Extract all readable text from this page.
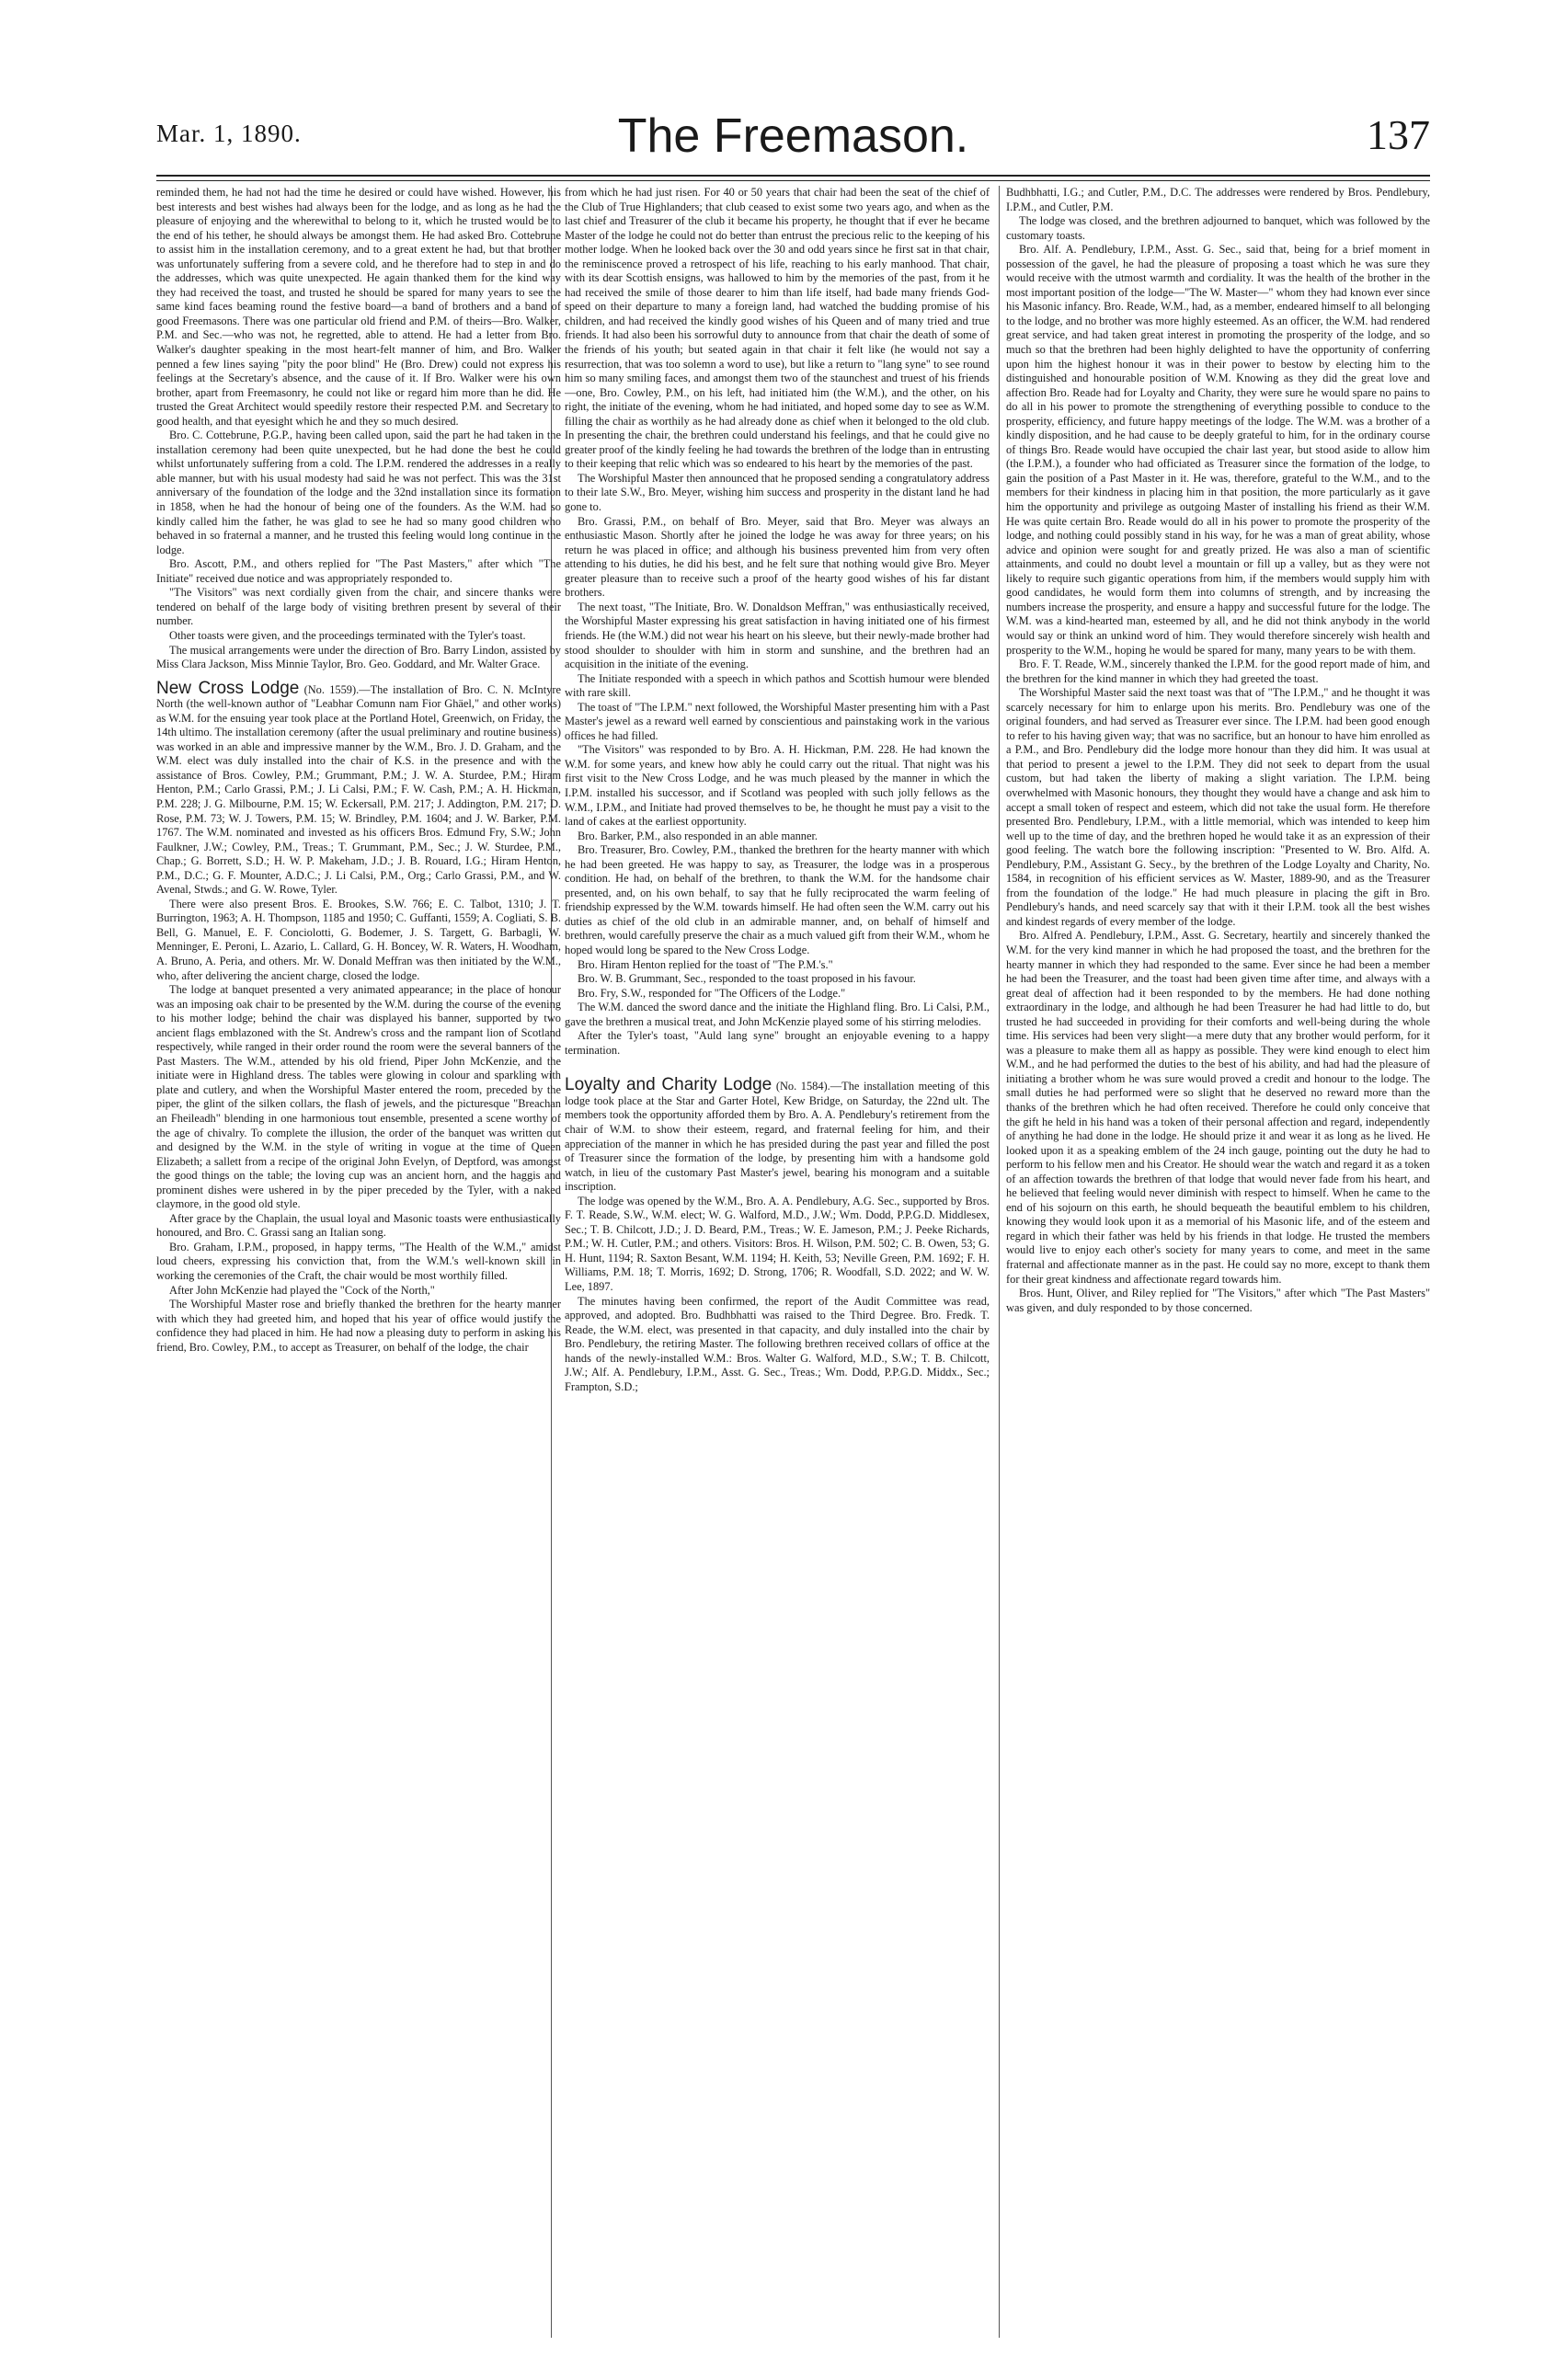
Mar. 1, 1890.	The Freemason.	137

reminded them, he had not had the time he desired or could have wished. However, his best interests and best wishes had always been for the lodge, and as long as he had the pleasure of enjoying and the wherewithal to belong to it, which he trusted would be to the end of his tether, he should always be amongst them. He had asked Bro. Cottebrune to assist him in the installation ceremony, and to a great extent he had, but that brother was unfortunately suffering from a severe cold, and he therefore had to step in and do the addresses, which was quite unexpected. He again thanked them for the kind way they had received the toast, and trusted he should be spared for many years to see the same kind faces beaming round the festive board—a band of brothers and a band of good Freemasons. There was one particular old friend and P.M. of theirs—Bro. Walker, P.M. and Sec.—who was not, he regretted, able to attend. He had a letter from Bro. Walker's daughter speaking in the most heart-felt manner of him, and Bro. Walker penned a few lines saying "pity the poor blind" He (Bro. Drew) could not express his feelings at the Secretary's absence, and the cause of it. If Bro. Walker were his own brother, apart from Freemasonry, he could not like or regard him more than he did. He trusted the Great Architect would speedily restore their respected P.M. and Secretary to good health, and that eyesight which he and they so much desired.

Bro. C. Cottebrune, P.G.P., having been called upon, said the part he had taken in the installation ceremony had been quite unexpected, but he had done the best he could whilst unfortunately suffering from a cold. The I.P.M. rendered the addresses in a really able manner, but with his usual modesty had said he was not perfect. This was the 31st anniversary of the foundation of the lodge and the 32nd installation since its formation in 1858, when he had the honour of being one of the founders. As the W.M. had so kindly called him the father, he was glad to see he had so many good children who behaved in so fraternal a manner, and he trusted this feeling would long continue in the lodge.

Bro. Ascott, P.M., and others replied for "The Past Masters," after which "The Initiate" received due notice and was appropriately responded to.

"The Visitors" was next cordially given from the chair, and sincere thanks were tendered on behalf of the large body of visiting brethren present by several of their number.

Other toasts were given, and the proceedings terminated with the Tyler's toast.

The musical arrangements were under the direction of Bro. Barry Lindon, assisted by Miss Clara Jackson, Miss Minnie Taylor, Bro. Geo. Goddard, and Mr. Walter Grace.

New Cross Lodge (No. 1559).—The installation of Bro. C. N. McIntyre North (the well-known author of "Leabhar Comunn nam Fior Ghäel," and other works) as W.M. for the ensuing year took place at the Portland Hotel, Greenwich, on Friday, the 14th ultimo. The installation ceremony (after the usual preliminary and routine business) was worked in an able and impressive manner by the W.M., Bro. J. D. Graham, and the W.M. elect was duly installed into the chair of K.S. in the presence and with the assistance of Bros. Cowley, P.M.; Grummant, P.M.; J. W. A. Sturdee, P.M.; Hiram Henton, P.M.; Carlo Grassi, P.M.; J. Li Calsi, P.M.; F. W. Cash, P.M.; A. H. Hickman, P.M. 228; J. G. Milbourne, P.M. 15; W. Eckersall, P.M. 217; J. Addington, P.M. 217; D. Rose, P.M. 73; W. J. Towers, P.M. 15; W. Brindley, P.M. 1604; and J. W. Barker, P.M. 1767. The W.M. nominated and invested as his officers Bros. Edmund Fry, S.W.; John Faulkner, J.W.; Cowley, P.M., Treas.; T. Grummant, P.M., Sec.; J. W. Sturdee, P.M., Chap.; G. Borrett, S.D.; H. W. P. Makeham, J.D.; J. B. Rouard, I.G.; Hiram Henton, P.M., D.C.; G. F. Mounter, A.D.C.; J. Li Calsi, P.M., Org.; Carlo Grassi, P.M., and W. Avenal, Stwds.; and G. W. Rowe, Tyler.

There were also present Bros. E. Brookes, S.W. 766; E. C. Talbot, 1310; J. T. Burrington, 1963; A. H. Thompson, 1185 and 1950; C. Guffanti, 1559; A. Cogliati, S. B. Bell, G. Manuel, E. F. Conciolotti, G. Bodemer, J. S. Targett, G. Barbagli, W. Menninger, E. Peroni, L. Azario, L. Callard, G. H. Boncey, W. R. Waters, H. Woodham, A. Bruno, A. Peria, and others. Mr. W. Donald Meffran was then initiated by the W.M., who, after delivering the ancient charge, closed the lodge.

The lodge at banquet presented a very animated appearance; in the place of honour was an imposing oak chair to be presented by the W.M. during the course of the evening to his mother lodge; behind the chair was displayed his banner, supported by two ancient flags emblazoned with the St. Andrew's cross and the rampant lion of Scotland respectively, while ranged in their order round the room were the several banners of the Past Masters. The W.M., attended by his old friend, Piper John McKenzie, and the initiate were in Highland dress. The tables were glowing in colour and sparkling with plate and cutlery, and when the Worshipful Master entered the room, preceded by the piper, the glint of the silken collars, the flash of jewels, and the picturesque "Breachan an Fheileadh" blending in one harmonious tout ensemble, presented a scene worthy of the age of chivalry. To complete the illusion, the order of the banquet was written out and designed by the W.M. in the style of writing in vogue at the time of Queen Elizabeth; a sallett from a recipe of the original John Evelyn, of Deptford, was amongst the good things on the table; the loving cup was an ancient horn, and the haggis and prominent dishes were ushered in by the piper preceded by the Tyler, with a naked claymore, in the good old style.

After grace by the Chaplain, the usual loyal and Masonic toasts were enthusiastically honoured, and Bro. C. Grassi sang an Italian song.

Bro. Graham, I.P.M., proposed, in happy terms, "The Health of the W.M.," amidst loud cheers, expressing his conviction that, from the W.M.'s well-known skill in working the ceremonies of the Craft, the chair would be most worthily filled.

After John McKenzie had played the "Cock of the North,"

The Worshipful Master rose and briefly thanked the brethren for the hearty manner with which they had greeted him, and hoped that his year of office would justify the confidence they had placed in him. He had now a pleasing duty to perform in asking his friend, Bro. Cowley, P.M., to accept as Treasurer, on behalf of the lodge, the chair

from which he had just risen. For 40 or 50 years that chair had been the seat of the chief of the Club of True Highlanders; that club ceased to exist some two years ago, and when as the last chief and Treasurer of the club it became his property, he thought that if ever he became Master of the lodge he could not do better than entrust the precious relic to the keeping of his mother lodge. When he looked back over the 30 and odd years since he first sat in that chair, the reminiscence proved a retrospect of his life, reaching to his early manhood. That chair, with its dear Scottish ensigns, was hallowed to him by the memories of the past, from it he had received the smile of those dearer to him than life itself, had bade many friends God-speed on their departure to many a foreign land, had watched the budding promise of his children, and had received the kindly good wishes of his Queen and of many tried and true friends. It had also been his sorrowful duty to announce from that chair the death of some of the friends of his youth; but seated again in that chair it felt like (he would not say a resurrection, that was too solemn a word to use), but like a return to "lang syne" to see round him so many smiling faces, and amongst them two of the staunchest and truest of his friends—one, Bro. Cowley, P.M., on his left, had initiated him (the W.M.), and the other, on his right, the initiate of the evening, whom he had initiated, and hoped some day to see as W.M. filling the chair as worthily as he had already done as chief when it belonged to the old club. In presenting the chair, the brethren could understand his feelings, and that he could give no greater proof of the kindly feeling he had towards the brethren of the lodge than in entrusting to their keeping that relic which was so endeared to his heart by the memories of the past.

The Worshipful Master then announced that he proposed sending a congratulatory address to their late S.W., Bro. Meyer, wishing him success and prosperity in the distant land he had gone to.

Bro. Grassi, P.M., on behalf of Bro. Meyer, said that Bro. Meyer was always an enthusiastic Mason. Shortly after he joined the lodge he was away for three years; on his return he was placed in office; and although his business prevented him from very often attending to his duties, he did his best, and he felt sure that nothing would give Bro. Meyer greater pleasure than to receive such a proof of the hearty good wishes of his far distant brothers.

The next toast, "The Initiate, Bro. W. Donaldson Meffran," was enthusiastically received, the Worshipful Master expressing his great satisfaction in having initiated one of his firmest friends. He (the W.M.) did not wear his heart on his sleeve, but their newly-made brother had stood shoulder to shoulder with him in storm and sunshine, and the brethren had an acquisition in the initiate of the evening.

The Initiate responded with a speech in which pathos and Scottish humour were blended with rare skill.

The toast of "The I.P.M." next followed, the Worshipful Master presenting him with a Past Master's jewel as a reward well earned by conscientious and painstaking work in the various offices he had filled.

"The Visitors" was responded to by Bro. A. H. Hickman, P.M. 228. He had known the W.M. for some years, and knew how ably he could carry out the ritual. That night was his first visit to the New Cross Lodge, and he was much pleased by the manner in which the I.P.M. installed his successor, and if Scotland was peopled with such jolly fellows as the W.M., I.P.M., and Initiate had proved themselves to be, he thought he must pay a visit to the land of cakes at the earliest opportunity.

Bro. Barker, P.M., also responded in an able manner.

Bro. Treasurer, Bro. Cowley, P.M., thanked the brethren for the hearty manner with which he had been greeted. He was happy to say, as Treasurer, the lodge was in a prosperous condition. He had, on behalf of the brethren, to thank the W.M. for the handsome chair presented, and, on his own behalf, to say that he fully reciprocated the warm feeling of friendship expressed by the W.M. towards himself. He had often seen the W.M. carry out his duties as chief of the old club in an admirable manner, and, on behalf of himself and brethren, would carefully preserve the chair as a much valued gift from their W.M., whom he hoped would long be spared to the New Cross Lodge.

Bro. Hiram Henton replied for the toast of "The P.M.'s."

Bro. W. B. Grummant, Sec., responded to the toast proposed in his favour.

Bro. Fry, S.W., responded for "The Officers of the Lodge."

The W.M. danced the sword dance and the initiate the Highland fling. Bro. Li Calsi, P.M., gave the brethren a musical treat, and John McKenzie played some of his stirring melodies.

After the Tyler's toast, "Auld lang syne" brought an enjoyable evening to a happy termination.

Loyalty and Charity Lodge (No. 1584).—The installation meeting of this lodge took place at the Star and Garter Hotel, Kew Bridge, on Saturday, the 22nd ult. The members took the opportunity afforded them by Bro. A. A. Pendlebury's retirement from the chair of W.M. to show their esteem, regard, and fraternal feeling for him, and their appreciation of the manner in which he has presided during the past year and filled the post of Treasurer since the formation of the lodge, by presenting him with a handsome gold watch, in lieu of the customary Past Master's jewel, bearing his monogram and a suitable inscription.

The lodge was opened by the W.M., Bro. A. A. Pendlebury, A.G. Sec., supported by Bros. F. T. Reade, S.W., W.M. elect; W. G. Walford, M.D., J.W.; Wm. Dodd, P.P.G.D. Middlesex, Sec.; T. B. Chilcott, J.D.; J. D. Beard, P.M., Treas.; W. E. Jameson, P.M.; J. Peeke Richards, P.M.; W. H. Cutler, P.M.; and others. Visitors: Bros. H. Wilson, P.M. 502; C. B. Owen, 53; G. H. Hunt, 1194; R. Saxton Besant, W.M. 1194; H. Keith, 53; Neville Green, P.M. 1692; F. H. Williams, P.M. 18; T. Morris, 1692; D. Strong, 1706; R. Woodfall, S.D. 2022; and W. W. Lee, 1897.

The minutes having been confirmed, the report of the Audit Committee was read, approved, and adopted. Bro. Budhbhatti was raised to the Third Degree. Bro. Fredk. T. Reade, the W.M. elect, was presented in that capacity, and duly installed into the chair by Bro. Pendlebury, the retiring Master. The following brethren received collars of office at the hands of the newly-installed W.M.: Bros. Walter G. Walford, M.D., S.W.; T. B. Chilcott, J.W.; Alf. A. Pendlebury, I.P.M., Asst. G. Sec., Treas.; Wm. Dodd, P.P.G.D. Middx., Sec.; Frampton, S.D.;

Budhbhatti, I.G.; and Cutler, P.M., D.C. The addresses were rendered by Bros. Pendlebury, I.P.M., and Cutler, P.M.

The lodge was closed, and the brethren adjourned to banquet, which was followed by the customary toasts.

Bro. Alf. A. Pendlebury, I.P.M., Asst. G. Sec., said that, being for a brief moment in possession of the gavel, he had the pleasure of proposing a toast which he was sure they would receive with the utmost warmth and cordiality. It was the health of the brother in the most important position of the lodge—"The W. Master—" whom they had known ever since his Masonic infancy. Bro. Reade, W.M., had, as a member, endeared himself to all belonging to the lodge, and no brother was more highly esteemed. As an officer, the W.M. had rendered great service, and had taken great interest in promoting the prosperity of the lodge, and so much so that the brethren had been highly delighted to have the opportunity of conferring upon him the highest honour it was in their power to bestow by electing him to the distinguished and honourable position of W.M. Knowing as they did the great love and affection Bro. Reade had for Loyalty and Charity, they were sure he would spare no pains to do all in his power to promote the strengthening of everything possible to conduce to the prosperity, efficiency, and future happy meetings of the lodge. The W.M. was a brother of a kindly disposition, and he had cause to be deeply grateful to him, for in the ordinary course of things Bro. Reade would have occupied the chair last year, but stood aside to allow him (the I.P.M.), a founder who had officiated as Treasurer since the formation of the lodge, to gain the position of a Past Master in it. He was, therefore, grateful to the W.M., and to the members for their kindness in placing him in that position, the more particularly as it gave him the opportunity and privilege as outgoing Master of installing his friend as their W.M. He was quite certain Bro. Reade would do all in his power to promote the prosperity of the lodge, and nothing could possibly stand in his way, for he was a man of great ability, whose advice and opinion were sought for and greatly prized. He was also a man of scientific attainments, and could no doubt level a mountain or fill up a valley, but as they were not likely to require such gigantic operations from him, if the members would supply him with good candidates, he would form them into columns of strength, and by increasing the numbers increase the prosperity, and ensure a happy and successful future for the lodge. The W.M. was a kind-hearted man, esteemed by all, and he did not think anybody in the world would say or think an unkind word of him. They would therefore sincerely wish health and prosperity to the W.M., hoping he would be spared for many, many years to be with them.

Bro. F. T. Reade, W.M., sincerely thanked the I.P.M. for the good report made of him, and the brethren for the kind manner in which they had greeted the toast.

The Worshipful Master said the next toast was that of "The I.P.M.," and he thought it was scarcely necessary for him to enlarge upon his merits. Bro. Pendlebury was one of the original founders, and had served as Treasurer ever since. The I.P.M. had been good enough to refer to his having given way; that was no sacrifice, but an honour to have him enrolled as a P.M., and Bro. Pendlebury did the lodge more honour than they did him. It was usual at that period to present a jewel to the I.P.M. They did not seek to depart from the usual custom, but had taken the liberty of making a slight variation. The I.P.M. being overwhelmed with Masonic honours, they thought they would have a change and ask him to accept a small token of respect and esteem, which did not take the usual form. He therefore presented Bro. Pendlebury, I.P.M., with a little memorial, which was intended to keep him well up to the time of day, and the brethren hoped he would take it as an expression of their good feeling. The watch bore the following inscription: "Presented to W. Bro. Alfd. A. Pendlebury, P.M., Assistant G. Secy., by the brethren of the Lodge Loyalty and Charity, No. 1584, in recognition of his efficient services as W. Master, 1889-90, and as the Treasurer from the foundation of the lodge." He had much pleasure in placing the gift in Bro. Pendlebury's hands, and need scarcely say that with it their I.P.M. took all the best wishes and kindest regards of every member of the lodge.

Bro. Alfred A. Pendlebury, I.P.M., Asst. G. Secretary, heartily and sincerely thanked the W.M. for the very kind manner in which he had proposed the toast, and the brethren for the hearty manner in which they had responded to the same. Ever since he had been a member he had been the Treasurer, and the toast had been given time after time, and always with a great deal of affection had it been responded to by the members. He had done nothing extraordinary in the lodge, and although he had been Treasurer he had had little to do, but trusted he had succeeded in providing for their comforts and well-being during the whole time. His services had been very slight—a mere duty that any brother would perform, for it was a pleasure to make them all as happy as possible. They were kind enough to elect him W.M., and he had performed the duties to the best of his ability, and had had the pleasure of initiating a brother whom he was sure would proved a credit and honour to the lodge. The small duties he had performed were so slight that he deserved no reward more than the thanks of the brethren which he had often received. Therefore he could only conceive that the gift he held in his hand was a token of their personal affection and regard, independently of anything he had done in the lodge. He should prize it and wear it as long as he lived. He looked upon it as a speaking emblem of the 24 inch gauge, pointing out the duty he had to perform to his fellow men and his Creator. He should wear the watch and regard it as a token of an affection towards the brethren of that lodge that would never fade from his heart, and he believed that feeling would never diminish with respect to himself. When he came to the end of his sojourn on this earth, he should bequeath the beautiful emblem to his children, knowing they would look upon it as a memorial of his Masonic life, and of the esteem and regard in which their father was held by his friends in that lodge. He trusted the members would live to enjoy each other's society for many years to come, and meet in the same fraternal and affectionate manner as in the past. He could say no more, except to thank them for their great kindness and affectionate regard towards him.

Bros. Hunt, Oliver, and Riley replied for "The Visitors," after which "The Past Masters" was given, and duly responded to by those concerned.
